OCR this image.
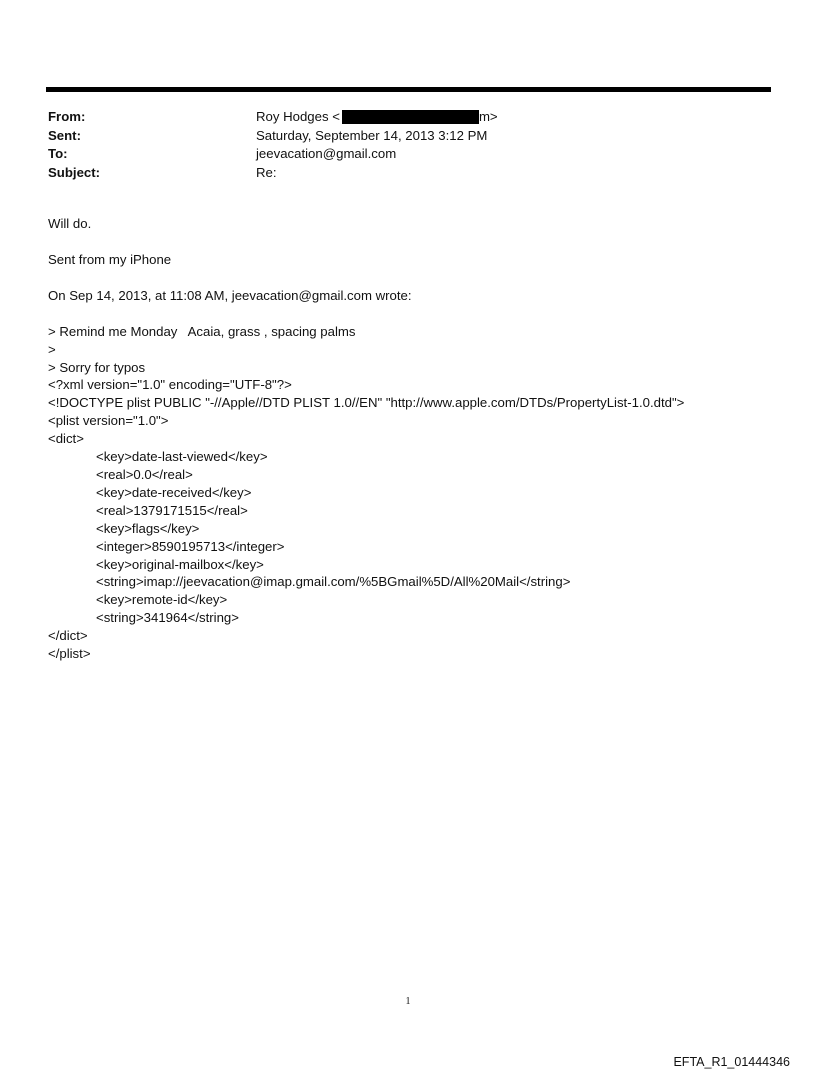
From:	Roy Hodges <	m>
Sent:	Saturday, September 14, 2013 3:12 PM
To:	jeevacation@gmail.com
Subject:	Re:

Will do.

Sent from my iPhone

On Sep 14, 2013, at 11:08 AM, jeevacation@gmail.com wrote:

> Remind me Monday   Acaia, grass , spacing palms

>

> Sorry for typos

<?xml version="1.0" encoding="UTF-8"?>

<!DOCTYPE plist PUBLIC "-//Apple//DTD PLIST 1.0//EN" "http://www.apple.com/DTDs/PropertyList-1.0.dtd">

<plist version="1.0">

<dict>

<key>date-last-viewed</key>

<real>0.0</real>

<key>date-received</key>

<real>1379171515</real>

<key>flags</key>

<integer>8590195713</integer>

<key>original-mailbox</key>

<string>imap://jeevacation@imap.gmail.com/%5BGmail%5D/All%20Mail</string>

<key>remote-id</key>

<string>341964</string>

</dict>

</plist>

1
EFTA_R1_01444346
